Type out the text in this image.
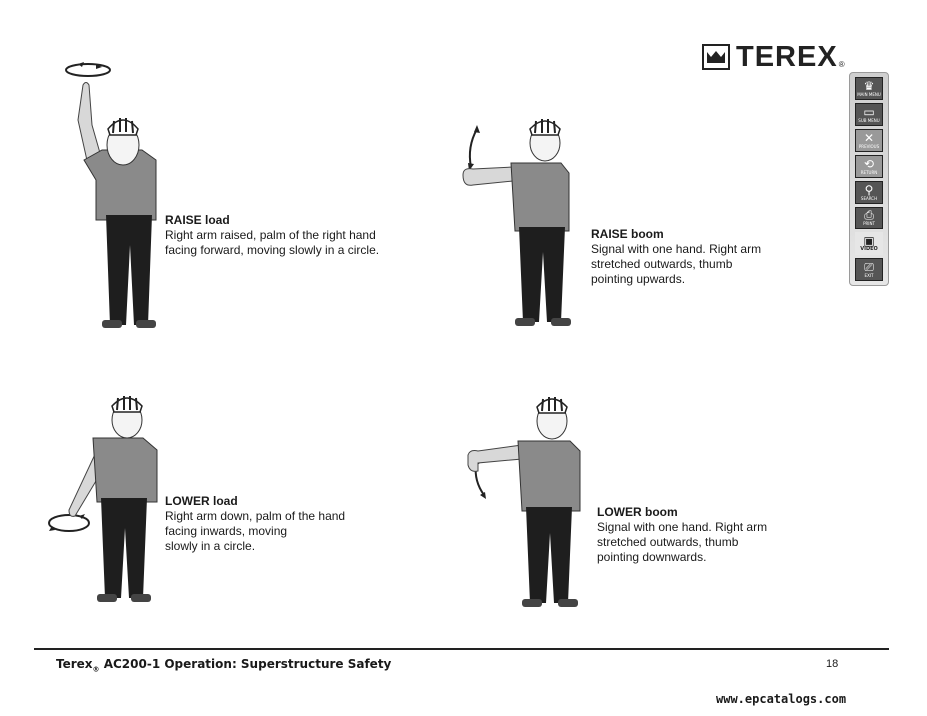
TEREX ®
♛
MAIN MENU
▭
SUB MENU
✕
PREVIOUS
⟲
RETURN
⚲
SEARCH
⎙
PRINT
▣
VIDEO
⎚
EXIT
RAISE load
Right arm raised, palm of the right hand
facing forward, moving slowly in a circle.
RAISE boom
Signal with one hand. Right arm
stretched outwards, thumb
pointing upwards.
LOWER load
Right arm down, palm of the hand
facing inwards, moving
slowly in a circle.
LOWER boom
Signal with one hand. Right arm
stretched outwards, thumb
pointing downwards.
Terex$_®$ AC200-1 Operation: Superstructure Safety	18
www.epcatalogs.com
